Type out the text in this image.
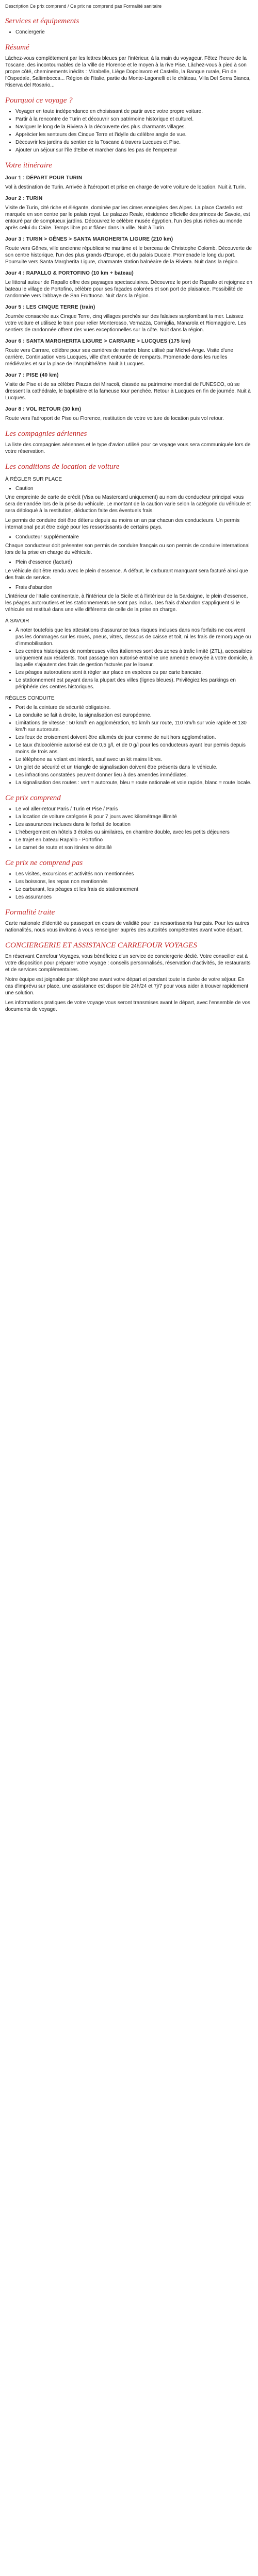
Description Ce prix comprend / Ce prix ne comprend pas Formalité sanitaire

Services et équipements
• Conciergerie
Résumé

Lâchez-vous complètement par les lettres bleues par l'intérieur, à la main du voyageur. Fêtez l'heure de la Toscane, des incontournables de la Ville de Florence et le moyen à la rive Pise. Lâchez-vous à pied à son propre côté, cheminements inédits : Mirabelle, Liège Dopolavoro et Castello, la Banque rurale, Fin de l'Ospedale, Saltimbocca... Région de l'Italie, partie du Monte-Lagonelli et le château, Villa Del Serra Bianca, Riserva del Rosario...

Pourquoi ce voyage ?
• Voyager en toute indépendance en choisissant de partir avec votre propre voiture.
• Partir à la rencontre de Turin et découvrir son patrimoine historique et culturel.
• Naviguer le long de la Riviera à la découverte des plus charmants villages.
• Apprécier les senteurs des Cinque Terre et l'idylle du célèbre angle de vue.
• Découvrir les jardins du sentier de la Toscane à travers Lucques et Pise.
• Ajouter un séjour sur l'île d'Elbe et marcher dans les pas de l'empereur
Votre itinéraire
Jour 1 : DÉPART POUR TURIN

Vol à destination de Turin. Arrivée à l'aéroport et prise en charge de votre voiture de location. Nuit à Turin.

Jour 2 : TURIN

Visite de Turin, cité riche et élégante, dominée par les cimes enneigées des Alpes. La place Castello est marquée en son centre par le palais royal. Le palazzo Reale, résidence officielle des princes de Savoie, est entouré par de somptueux jardins. Découvrez le célèbre musée égyptien, l'un des plus riches au monde après celui du Caire. Temps libre pour flâner dans la ville. Nuit à Turin.

Jour 3 : TURIN > GÊNES > SANTA MARGHERITA LIGURE (210 km)

Route vers Gênes, ville ancienne républicaine maritime et le berceau de Christophe Colomb. Découverte de son centre historique, l'un des plus grands d'Europe, et du palais Ducale. Promenade le long du port. Poursuite vers Santa Margherita Ligure, charmante station balnéaire de la Riviera. Nuit dans la région.

Jour 4 : RAPALLO & PORTOFINO (10 km + bateau)

Le littoral autour de Rapallo offre des paysages spectaculaires. Découvrez le port de Rapallo et rejoignez en bateau le village de Portofino, célèbre pour ses façades colorées et son port de plaisance. Possibilité de randonnée vers l'abbaye de San Fruttuoso. Nuit dans la région.

Jour 5 : LES CINQUE TERRE (train)

Journée consacrée aux Cinque Terre, cinq villages perchés sur des falaises surplombant la mer. Laissez votre voiture et utilisez le train pour relier Monterosso, Vernazza, Corniglia, Manarola et Riomaggiore. Les sentiers de randonnée offrent des vues exceptionnelles sur la côte. Nuit dans la région.

Jour 6 : SANTA MARGHERITA LIGURE > CARRARE > LUCQUES (175 km)

Route vers Carrare, célèbre pour ses carrières de marbre blanc utilisé par Michel-Ange. Visite d'une carrière. Continuation vers Lucques, ville d'art entourée de remparts. Promenade dans les ruelles médiévales et sur la place de l'Amphithéâtre. Nuit à Lucques.

Jour 7 : PISE (40 km)

Visite de Pise et de sa célèbre Piazza dei Miracoli, classée au patrimoine mondial de l'UNESCO, où se dressent la cathédrale, le baptistère et la fameuse tour penchée. Retour à Lucques en fin de journée. Nuit à Lucques.

Jour 8 : VOL RETOUR (30 km)

Route vers l'aéroport de Pise ou Florence, restitution de votre voiture de location puis vol retour.

Les compagnies aériennes

La liste des compagnies aériennes et le type d'avion utilisé pour ce voyage vous sera communiquée lors de votre réservation.

Les conditions de location de voiture
À RÉGLER SUR PLACE
• Caution

Une empreinte de carte de crédit (Visa ou Mastercard uniquement) au nom du conducteur principal vous sera demandée lors de la prise du véhicule. Le montant de la caution varie selon la catégorie du véhicule et sera débloqué à la restitution, déduction faite des éventuels frais.

Le permis de conduire doit être détenu depuis au moins un an par chacun des conducteurs. Un permis international peut être exigé pour les ressortissants de certains pays.

• Conducteur supplémentaire

Chaque conducteur doit présenter son permis de conduire français ou son permis de conduire international lors de la prise en charge du véhicule.

• Plein d'essence (facturé)

Le véhicule doit être rendu avec le plein d'essence. À défaut, le carburant manquant sera facturé ainsi que des frais de service.

• Frais d'abandon

L'intérieur de l'Italie continentale, à l'intérieur de la Sicile et à l'intérieur de la Sardaigne, le plein d'essence, les péages autoroutiers et les stationnements ne sont pas inclus. Des frais d'abandon s'appliquent si le véhicule est restitué dans une ville différente de celle de la prise en charge.

À SAVOIR
• À noter toutefois que les attestations d'assurance tous risques incluses dans nos forfaits ne couvrent pas les dommages sur les roues, pneus, vitres, dessous de caisse et toit, ni les frais de remorquage ou d'immobilisation.
• Les centres historiques de nombreuses villes italiennes sont des zones à trafic limité (ZTL), accessibles uniquement aux résidents. Tout passage non autorisé entraîne une amende envoyée à votre domicile, à laquelle s'ajoutent des frais de gestion facturés par le loueur.
• Les péages autoroutiers sont à régler sur place en espèces ou par carte bancaire.
• Le stationnement est payant dans la plupart des villes (lignes bleues). Privilégiez les parkings en périphérie des centres historiques.
RÈGLES CONDUITE
• Port de la ceinture de sécurité obligatoire.
• La conduite se fait à droite, la signalisation est européenne.
• Limitations de vitesse : 50 km/h en agglomération, 90 km/h sur route, 110 km/h sur voie rapide et 130 km/h sur autoroute.
• Les feux de croisement doivent être allumés de jour comme de nuit hors agglomération.
• Le taux d'alcoolémie autorisé est de 0,5 g/l, et de 0 g/l pour les conducteurs ayant leur permis depuis moins de trois ans.
• Le téléphone au volant est interdit, sauf avec un kit mains libres.
• Un gilet de sécurité et un triangle de signalisation doivent être présents dans le véhicule.
• Les infractions constatées peuvent donner lieu à des amendes immédiates.
• La signalisation des routes : vert = autoroute, bleu = route nationale et voie rapide, blanc = route locale.
Ce prix comprend
• Le vol aller-retour Paris / Turin et Pise / Paris
• La location de voiture catégorie B pour 7 jours avec kilométrage illimité
• Les assurances incluses dans le forfait de location
• L'hébergement en hôtels 3 étoiles ou similaires, en chambre double, avec les petits déjeuners
• Le trajet en bateau Rapallo - Portofino
• Le carnet de route et son itinéraire détaillé
Ce prix ne comprend pas
• Les visites, excursions et activités non mentionnées
• Les boissons, les repas non mentionnés
• Le carburant, les péages et les frais de stationnement
• Les assurances
Formalité traite

Carte nationale d'identité ou passeport en cours de validité pour les ressortissants français. Pour les autres nationalités, nous vous invitons à vous renseigner auprès des autorités compétentes avant votre départ.

CONCIERGERIE ET ASSISTANCE CARREFOUR VOYAGES

En réservant Carrefour Voyages, vous bénéficiez d'un service de conciergerie dédié. Votre conseiller est à votre disposition pour préparer votre voyage : conseils personnalisés, réservation d'activités, de restaurants et de services complémentaires.

Notre équipe est joignable par téléphone avant votre départ et pendant toute la durée de votre séjour. En cas d'imprévu sur place, une assistance est disponible 24h/24 et 7j/7 pour vous aider à trouver rapidement une solution.

Les informations pratiques de votre voyage vous seront transmises avant le départ, avec l'ensemble de vos documents de voyage.
